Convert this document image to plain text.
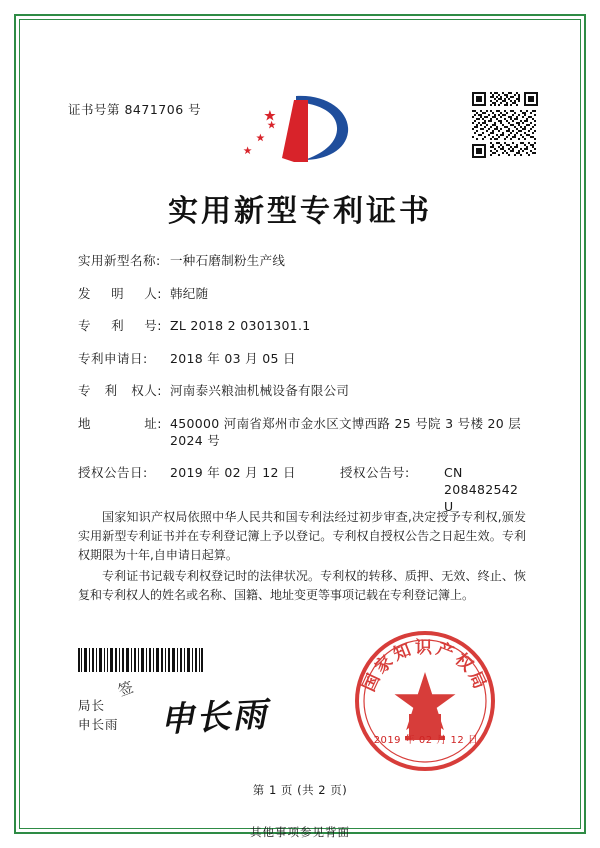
证书号第 8471706 号
实用新型专利证书
实用新型名称: 一种石磨制粉生产线
发 明 人: 韩纪随
专 利 号: ZL 2018 2 0301301.1
专利申请日:	2018 年 03 月 05 日
专 利 权人: 河南泰兴粮油机械设备有限公司
地	址: 450000 河南省郑州市金水区文博西路 25 号院 3 号楼 20 层 2024 号
授权公告日:	2019 年 02 月 12 日	授权公告号:	CN 208482542 U

国家知识产权局依照中华人民共和国专利法经过初步审查,决定授予专利权,颁发实用新型专利证书并在专利登记簿上予以登记。专利权自授权公告之日起生效。专利权期限为十年,自申请日起算。

专利证书记载专利权登记时的法律状况。专利权的转移、质押、无效、终止、恢复和专利权人的姓名或名称、国籍、地址变更等事项记载在专利登记簿上。

局长
申长雨
签
申长雨
国家知识产权局
2019 年 02 月 12 日
第 1 页 (共 2 页)
其他事项参见背面
